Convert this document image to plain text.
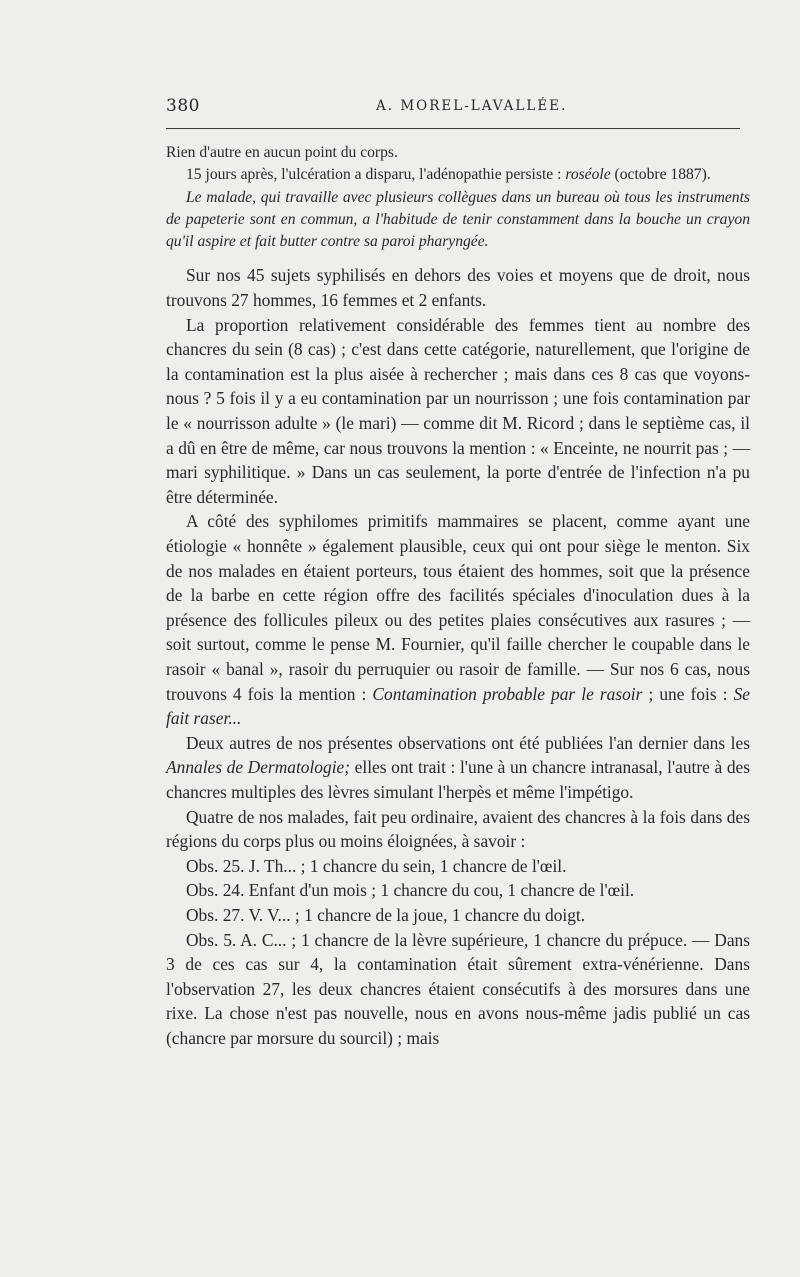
380	A. MOREL-LAVALLÉE.

Rien d'autre en aucun point du corps.

15 jours après, l'ulcération a disparu, l'adénopathie persiste : roséole (octobre 1887).

Le malade, qui travaille avec plusieurs collègues dans un bureau où tous les instruments de papeterie sont en commun, a l'habitude de tenir constamment dans la bouche un crayon qu'il aspire et fait butter contre sa paroi pharyngée.

Sur nos 45 sujets syphilisés en dehors des voies et moyens que de droit, nous trouvons 27 hommes, 16 femmes et 2 enfants.

La proportion relativement considérable des femmes tient au nombre des chancres du sein (8 cas) ; c'est dans cette catégorie, naturellement, que l'origine de la contamination est la plus aisée à rechercher ; mais dans ces 8 cas que voyons-nous ? 5 fois il y a eu contamination par un nourrisson ; une fois contamination par le « nourrisson adulte » (le mari) — comme dit M. Ricord ; dans le septième cas, il a dû en être de même, car nous trouvons la mention : « Enceinte, ne nourrit pas ; — mari syphilitique. » Dans un cas seulement, la porte d'entrée de l'infection n'a pu être déterminée.

A côté des syphilomes primitifs mammaires se placent, comme ayant une étiologie « honnête » également plausible, ceux qui ont pour siège le menton. Six de nos malades en étaient porteurs, tous étaient des hommes, soit que la présence de la barbe en cette région offre des facilités spéciales d'inoculation dues à la présence des follicules pileux ou des petites plaies consécutives aux rasures ; — soit surtout, comme le pense M. Fournier, qu'il faille chercher le coupable dans le rasoir « banal », rasoir du perruquier ou rasoir de famille. — Sur nos 6 cas, nous trouvons 4 fois la mention : Contamination probable par le rasoir ; une fois : Se fait raser...

Deux autres de nos présentes observations ont été publiées l'an dernier dans les Annales de Dermatologie; elles ont trait : l'une à un chancre intranasal, l'autre à des chancres multiples des lèvres simulant l'herpès et même l'impétigo.

Quatre de nos malades, fait peu ordinaire, avaient des chancres à la fois dans des régions du corps plus ou moins éloignées, à savoir :

Obs. 25. J. Th... ; 1 chancre du sein, 1 chancre de l'œil.

Obs. 24. Enfant d'un mois ; 1 chancre du cou, 1 chancre de l'œil.

Obs. 27. V. V... ; 1 chancre de la joue, 1 chancre du doigt.

Obs. 5. A. C... ; 1 chancre de la lèvre supérieure, 1 chancre du prépuce. — Dans 3 de ces cas sur 4, la contamination était sûrement extra-vénérienne. Dans l'observation 27, les deux chancres étaient consécutifs à des morsures dans une rixe. La chose n'est pas nouvelle, nous en avons nous-même jadis publié un cas (chancre par morsure du sourcil) ; mais
